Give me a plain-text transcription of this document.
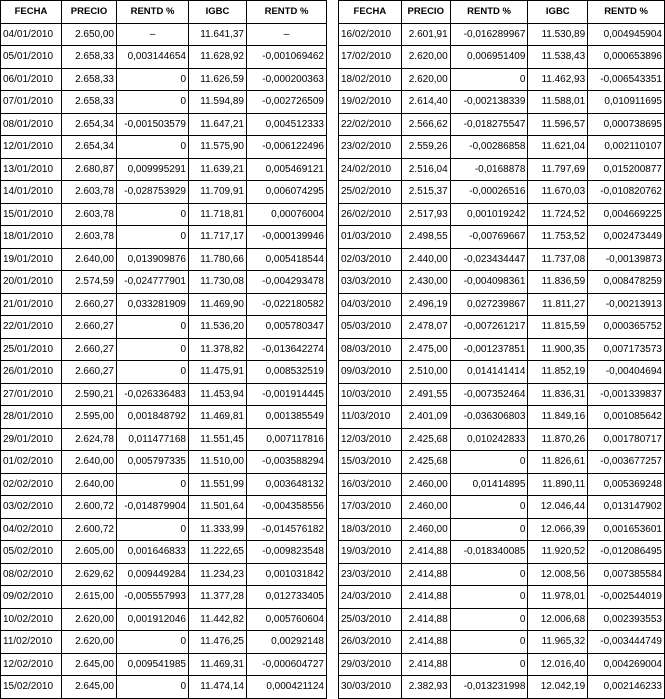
FECHA	PRECIO	RENTD %	IGBC	RENTD %
04/01/2010	2.650,00	–	11.641,37	–
05/01/2010	2.658,33	0,003144654	11.628,92	-0,001069462
06/01/2010	2.658,33	0	11.626,59	-0,000200363
07/01/2010	2.658,33	0	11.594,89	-0,002726509
08/01/2010	2.654,34	-0,001503579	11.647,21	0,004512333
12/01/2010	2.654,34	0	11.575,90	-0,006122496
13/01/2010	2.680,87	0,009995291	11.639,21	0,005469121
14/01/2010	2.603,78	-0,028753929	11.709,91	0,006074295
15/01/2010	2.603,78	0	11.718,81	0,00076004
18/01/2010	2.603,78	0	11.717,17	-0,000139946
19/01/2010	2.640,00	0,013909876	11.780,66	0,005418544
20/01/2010	2.574,59	-0,024777901	11.730,08	-0,004293478
21/01/2010	2.660,27	0,033281909	11.469,90	-0,022180582
22/01/2010	2.660,27	0	11.536,20	0,005780347
25/01/2010	2.660,27	0	11.378,82	-0,013642274
26/01/2010	2.660,27	0	11.475,91	0,008532519
27/01/2010	2.590,21	-0,026336483	11.453,94	-0,001914445
28/01/2010	2.595,00	0,001848792	11.469,81	0,001385549
29/01/2010	2.624,78	0,011477168	11.551,45	0,007117816
01/02/2010	2.640,00	0,005797335	11.510,00	-0,003588294
02/02/2010	2.640,00	0	11.551,99	0,003648132
03/02/2010	2.600,72	-0,014879904	11.501,64	-0,004358556
04/02/2010	2.600,72	0	11.333,99	-0,014576182
05/02/2010	2.605,00	0,001646833	11.222,65	-0,009823548
08/02/2010	2.629,62	0,009449284	11.234,23	0,001031842
09/02/2010	2.615,00	-0,005557993	11.377,28	0,012733405
10/02/2010	2.620,00	0,001912046	11.442,82	0,005760604
11/02/2010	2.620,00	0	11.476,25	0,00292148
12/02/2010	2.645,00	0,009541985	11.469,31	-0,000604727
15/02/2010	2.645,00	0	11.474,14	0,000421124
FECHA	PRECIO	RENTD %	IGBC	RENTD %
16/02/2010	2.601,91	-0,016289967	11.530,89	0,004945904
17/02/2010	2.620,00	0,006951409	11.538,43	0,000653896
18/02/2010	2.620,00	0	11.462,93	-0,006543351
19/02/2010	2.614,40	-0,002138339	11.588,01	0,010911695
22/02/2010	2.566,62	-0,018275547	11.596,57	0,000738695
23/02/2010	2.559,26	-0,00286858	11.621,04	0,002110107
24/02/2010	2.516,04	-0,0168878	11.797,69	0,015200877
25/02/2010	2.515,37	-0,00026516	11.670,03	-0,010820762
26/02/2010	2.517,93	0,001019242	11.724,52	0,004669225
01/03/2010	2.498,55	-0,00769667	11.753,52	0,002473449
02/03/2010	2.440,00	-0,023434447	11.737,08	-0,00139873
03/03/2010	2.430,00	-0,004098361	11.836,59	0,008478259
04/03/2010	2.496,19	0,027239867	11.811,27	-0,00213913
05/03/2010	2.478,07	-0,007261217	11.815,59	0,000365752
08/03/2010	2.475,00	-0,001237851	11.900,35	0,007173573
09/03/2010	2.510,00	0,014141414	11.852,19	-0,00404694
10/03/2010	2.491,55	-0,007352464	11.836,31	-0,001339837
11/03/2010	2.401,09	-0,036306803	11.849,16	0,001085642
12/03/2010	2.425,68	0,010242833	11.870,26	0,001780717
15/03/2010	2.425,68	0	11.826,61	-0,003677257
16/03/2010	2.460,00	0,01414895	11.890,11	0,005369248
17/03/2010	2.460,00	0	12.046,44	0,013147902
18/03/2010	2.460,00	0	12.066,39	0,001653601
19/03/2010	2.414,88	-0,018340085	11.920,52	-0,012086495
23/03/2010	2.414,88	0	12.008,56	0,007385584
24/03/2010	2.414,88	0	11.978,01	-0,002544019
25/03/2010	2.414,88	0	12.006,68	0,002393553
26/03/2010	2.414,88	0	11.965,32	-0,003444749
29/03/2010	2.414,88	0	12.016,40	0,004269004
30/03/2010	2.382,93	-0,013231998	12.042,19	0,002146233
